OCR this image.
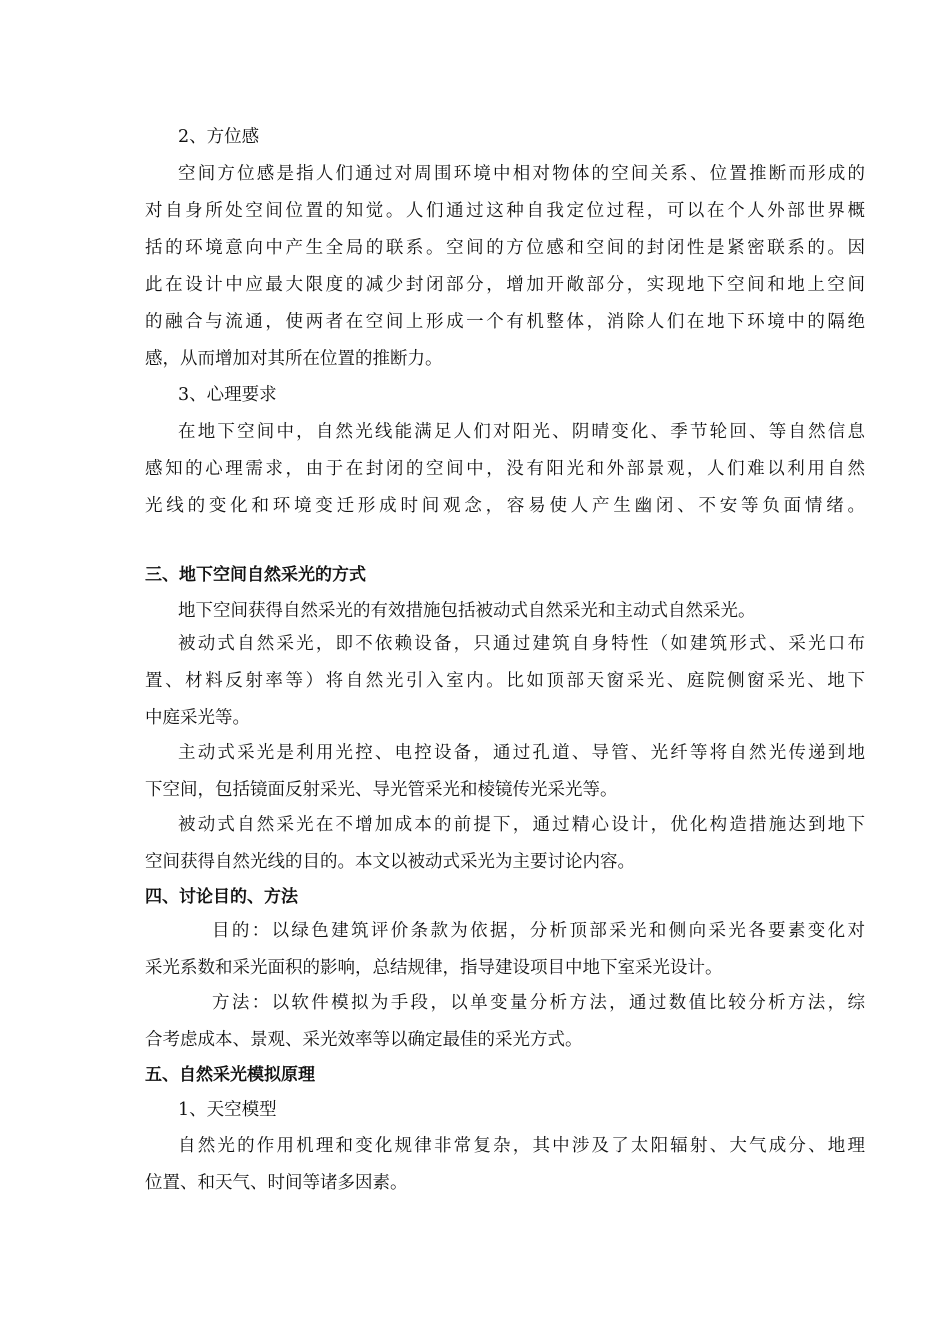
2、方位感
空间方位感是指人们通过对周围环境中相对物体的空间关系、位置推断而形成的
对自身所处空间位置的知觉。人们通过这种自我定位过程，可以在个人外部世界概
括的环境意向中产生全局的联系。空间的方位感和空间的封闭性是紧密联系的。因
此在设计中应最大限度的减少封闭部分，增加开敞部分，实现地下空间和地上空间
的融合与流通，使两者在空间上形成一个有机整体，消除人们在地下环境中的隔绝
感，从而增加对其所在位置的推断力。
3、心理要求
在地下空间中，自然光线能满足人们对阳光、阴晴变化、季节轮回、等自然信息
感知的心理需求，由于在封闭的空间中，没有阳光和外部景观，人们难以利用自然
光线的变化和环境变迁形成时间观念，容易使人产生幽闭、不安等负面情绪。
三、地下空间自然采光的方式
地下空间获得自然采光的有效措施包括被动式自然采光和主动式自然采光。
被动式自然采光，即不依赖设备，只通过建筑自身特性（如建筑形式、采光口布
置、材料反射率等）将自然光引入室内。比如顶部天窗采光、庭院侧窗采光、地下
中庭采光等。
主动式采光是利用光控、电控设备，通过孔道、导管、光纤等将自然光传递到地
下空间，包括镜面反射采光、导光管采光和棱镜传光采光等。
被动式自然采光在不增加成本的前提下，通过精心设计，优化构造措施达到地下
空间获得自然光线的目的。本文以被动式采光为主要讨论内容。
四、讨论目的、方法
目的：以绿色建筑评价条款为依据，分析顶部采光和侧向采光各要素变化对
采光系数和采光面积的影响，总结规律，指导建设项目中地下室采光设计。
方法：以软件模拟为手段，以单变量分析方法，通过数值比较分析方法，综
合考虑成本、景观、采光效率等以确定最佳的采光方式。
五、自然采光模拟原理
1、天空模型
自然光的作用机理和变化规律非常复杂，其中涉及了太阳辐射、大气成分、地理
位置、和天气、时间等诸多因素。
